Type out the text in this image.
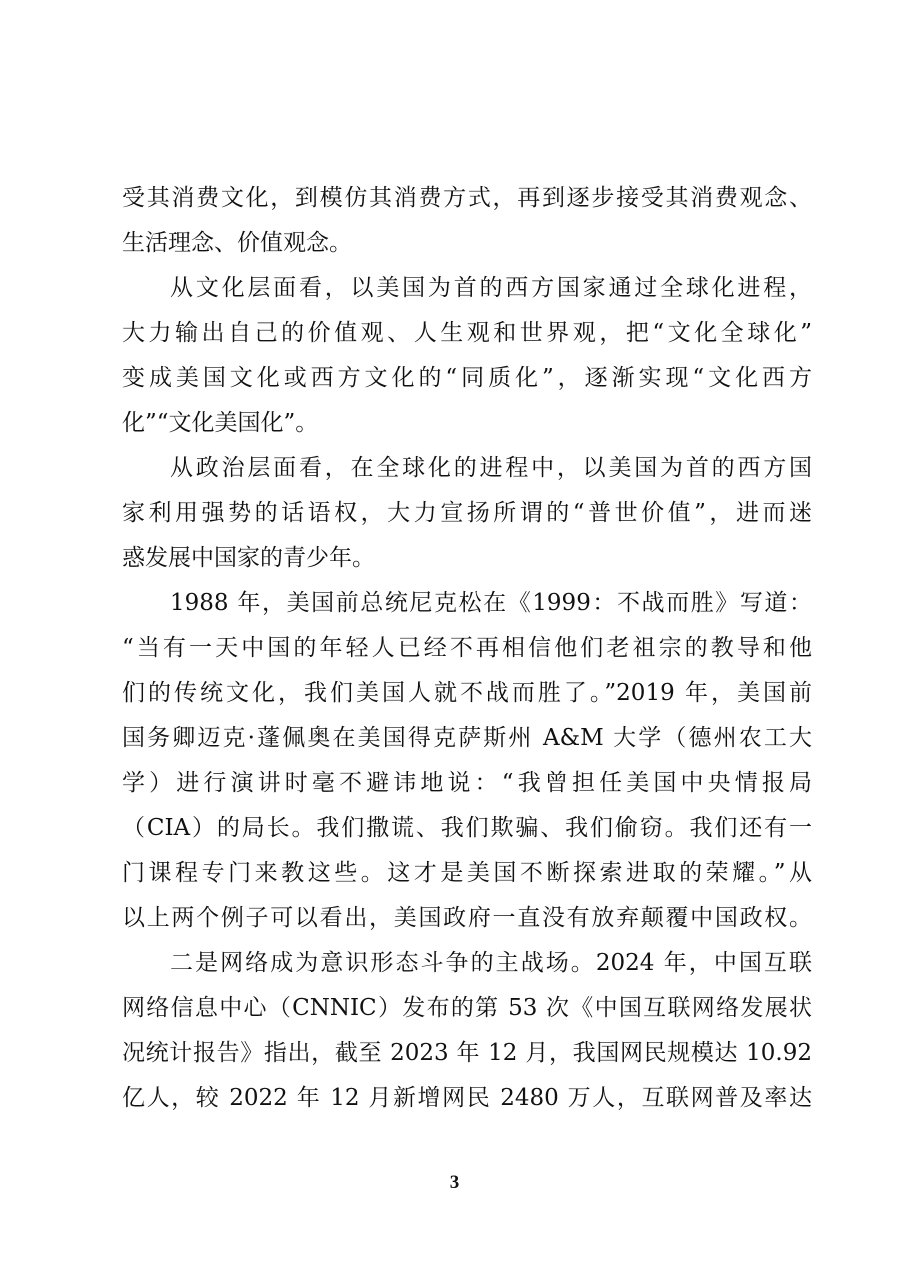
受其消费文化，到模仿其消费方式，再到逐步接受其消费观念、
生活理念、价值观念。
从文化层面看，以美国为首的西方国家通过全球化进程，
大力输出自己的价值观、人生观和世界观，把“文化全球化”
变成美国文化或西方文化的“同质化”，逐渐实现“文化西方
化”“文化美国化”。
从政治层面看，在全球化的进程中，以美国为首的西方国
家利用强势的话语权，大力宣扬所谓的“普世价值”，进而迷
惑发展中国家的青少年。
1988 年，美国前总统尼克松在《1999：不战而胜》写道：
“当有一天中国的年轻人已经不再相信他们老祖宗的教导和他
们的传统文化，我们美国人就不战而胜了。”2019 年，美国前
国务卿迈克·蓬佩奥在美国得克萨斯州 A&M 大学（德州农工大
学）进行演讲时毫不避讳地说：“我曾担任美国中央情报局
（CIA）的局长。我们撒谎、我们欺骗、我们偷窃。我们还有一
门课程专门来教这些。这才是美国不断探索进取的荣耀。”从
以上两个例子可以看出，美国政府一直没有放弃颠覆中国政权。
二是网络成为意识形态斗争的主战场。2024 年，中国互联
网络信息中心（CNNIC）发布的第 53 次《中国互联网络发展状
况统计报告》指出，截至 2023 年 12 月，我国网民规模达 10.92
亿人，较 2022 年 12 月新增网民 2480 万人，互联网普及率达
3
